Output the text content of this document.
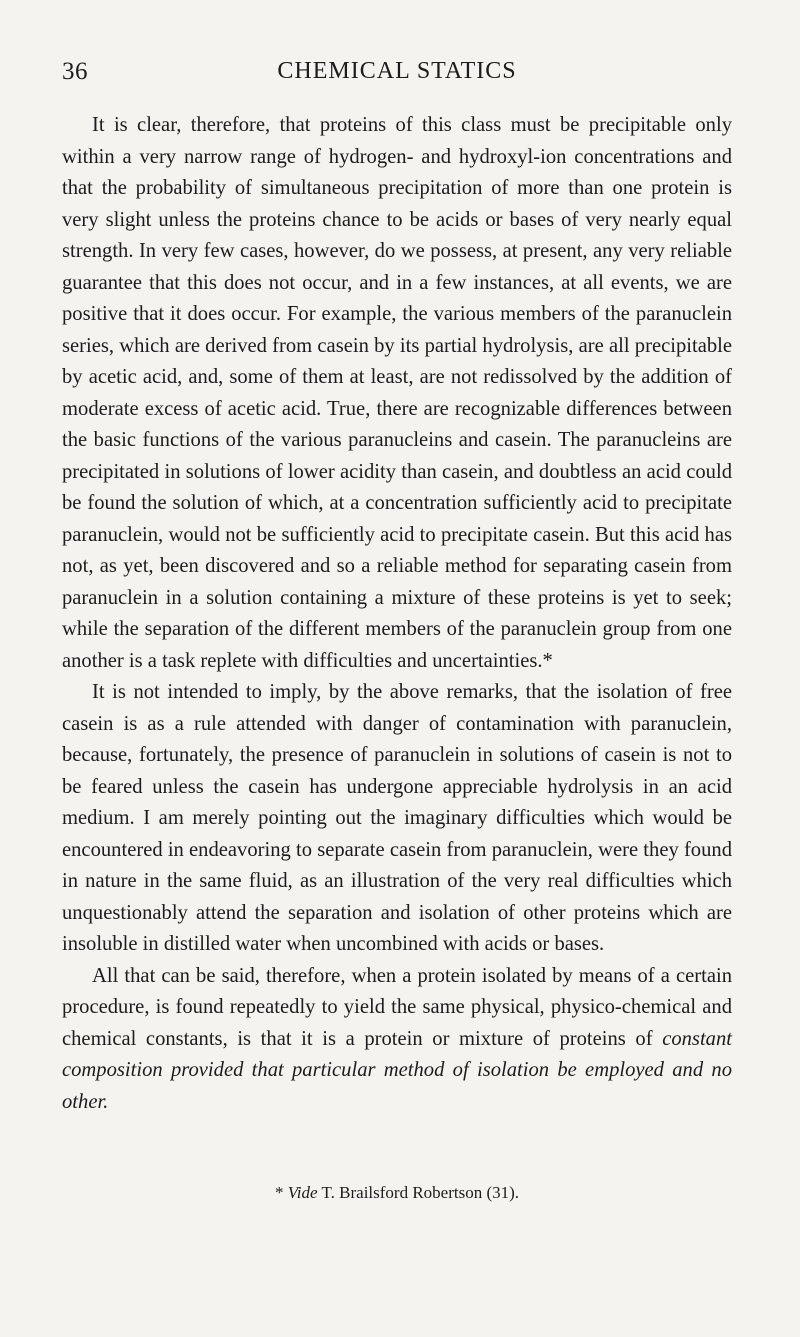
36	CHEMICAL STATICS

It is clear, therefore, that proteins of this class must be precipitable only within a very narrow range of hydrogen- and hydroxyl-ion concentrations and that the probability of simultaneous precipitation of more than one protein is very slight unless the proteins chance to be acids or bases of very nearly equal strength. In very few cases, however, do we possess, at present, any very reliable guarantee that this does not occur, and in a few instances, at all events, we are positive that it does occur. For example, the various members of the paranuclein series, which are derived from casein by its partial hydrolysis, are all precipitable by acetic acid, and, some of them at least, are not redissolved by the addition of moderate excess of acetic acid. True, there are recognizable differences between the basic functions of the various paranucleins and casein. The paranucleins are precipitated in solutions of lower acidity than casein, and doubtless an acid could be found the solution of which, at a concentration sufficiently acid to precipitate paranuclein, would not be sufficiently acid to precipitate casein. But this acid has not, as yet, been discovered and so a reliable method for separating casein from paranuclein in a solution containing a mixture of these proteins is yet to seek; while the separation of the different members of the paranuclein group from one another is a task replete with difficulties and uncertainties.*

It is not intended to imply, by the above remarks, that the isolation of free casein is as a rule attended with danger of contamination with paranuclein, because, fortunately, the presence of paranuclein in solutions of casein is not to be feared unless the casein has undergone appreciable hydrolysis in an acid medium. I am merely pointing out the imaginary difficulties which would be encountered in endeavoring to separate casein from paranuclein, were they found in nature in the same fluid, as an illustration of the very real difficulties which unquestionably attend the separation and isolation of other proteins which are insoluble in distilled water when uncombined with acids or bases.

All that can be said, therefore, when a protein isolated by means of a certain procedure, is found repeatedly to yield the same physical, physico-chemical and chemical constants, is that it is a protein or mixture of proteins of constant composition provided that particular method of isolation be employed and no other.

* Vide T. Brailsford Robertson (31).
